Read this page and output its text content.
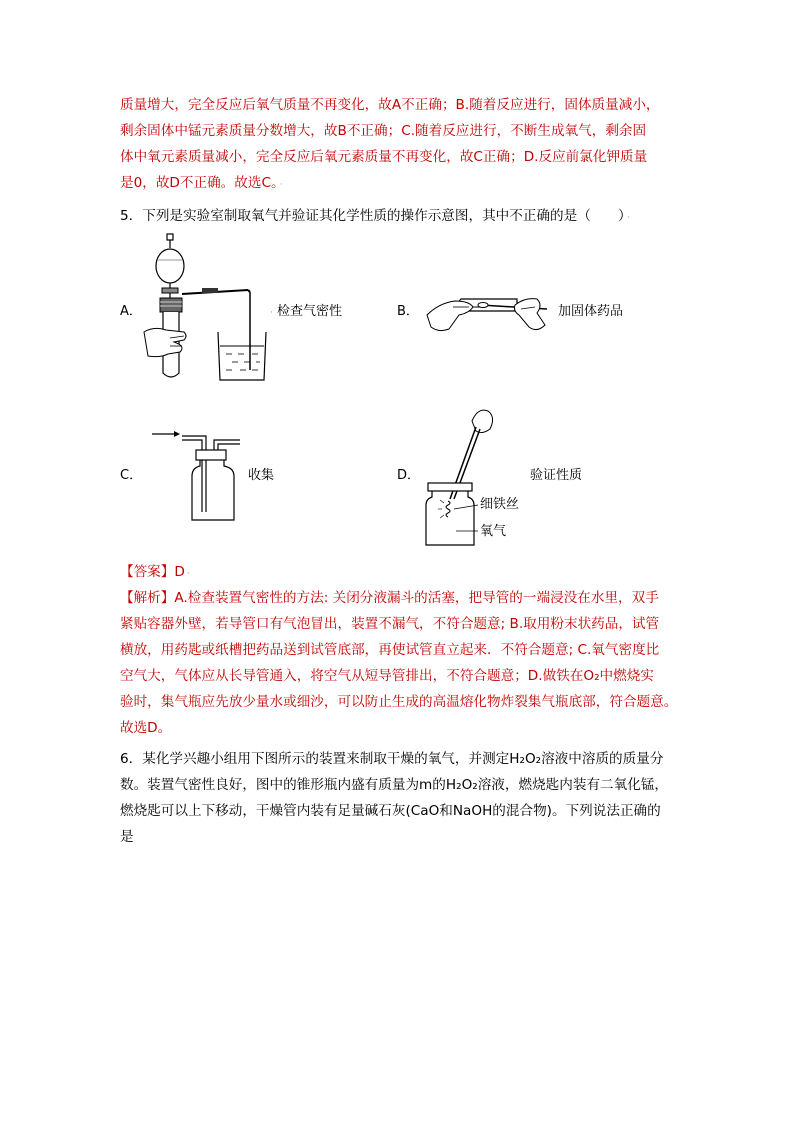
质量增大，完全反应后氧气质量不再变化，故A不正确；B.随着反应进行，固体质量减小，
剩余固体中锰元素质量分数增大，故B不正确；C.随着反应进行，不断生成氧气，剩余固
体中氧元素质量减小，完全反应后氧元素质量不再变化，故C正确；D.反应前氯化钾质量
是0，故D不正确。故选C。 ·
5．下列是实验室制取氧气并验证其化学性质的操作示意图，其中不正确的是（　　） ·
A．	· 检查气密性	B．	加固体药品
C．	收集	D．	验证性质
细铁丝
氧气
【答案】D ·
【解析】A.检查装置气密性的方法: 关闭分液漏斗的活塞，把导管的一端浸没在水里，双手
紧贴容器外壁，若导管口有气泡冒出，装置不漏气，不符合题意; B.取用粉末状药品，试管
横放，用药匙或纸槽把药品送到试管底部，再使试管直立起来．不符合题意; C.氧气密度比
空气大，气体应从长导管通入，将空气从短导管排出，不符合题意；D.做铁在O₂中燃烧实
验时，集气瓶应先放少量水或细沙，可以防止生成的高温熔化物炸裂集气瓶底部，符合题意。
故选D。
6．某化学兴趣小组用下图所示的装置来制取干燥的氧气，并测定H₂O₂溶液中溶质的质量分
数。装置气密性良好，图中的锥形瓶内盛有质量为m的H₂O₂溶液，燃烧匙内装有二氧化锰，
燃烧匙可以上下移动，干燥管内装有足量碱石灰(CaO和NaOH的混合物)。下列说法正确的
是
